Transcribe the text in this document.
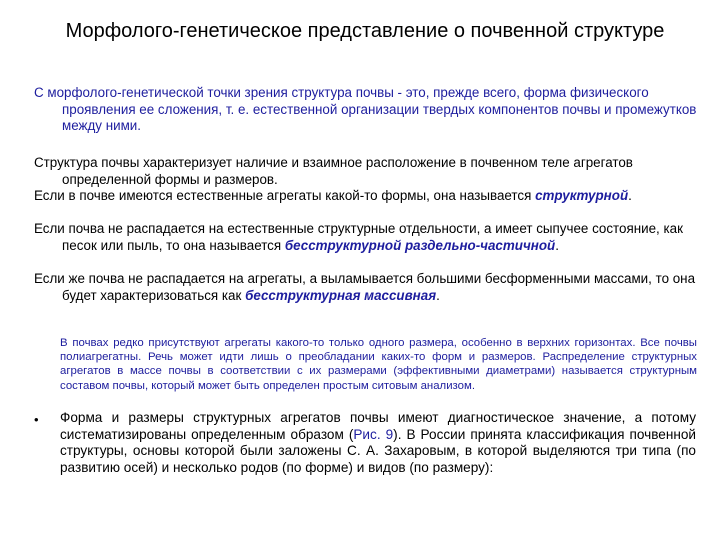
Морфолого-генетическое представление о почвенной структуре
С морфолого-генетической точки зрения структура почвы - это, прежде всего, форма физического проявления ее сложения, т. е. естественной организации твердых компонентов почвы и промежутков между ними.
Структура почвы характеризует наличие и взаимное расположение в почвенном теле агрегатов определенной формы и размеров.
Если в почве имеются естественные агрегаты какой-то формы, она называется структурной.
Если почва не распадается на естественные структурные отдельности, а имеет сыпучее состояние, как песок или пыль, то она называется бесструктурной раздельно-частичной.
Если же почва не распадается на агрегаты, а выламывается большими бесформенными массами, то она будет характеризоваться как бесструктурная массивная.
В почвах редко присутствуют агрегаты какого-то только одного размера, особенно в верхних горизонтах. Все почвы полиагрегатны. Речь может идти лишь о преобладании каких-то форм и размеров. Распределение структурных агрегатов в массе почвы в соответствии с их размерами (эффективными диаметрами) называется структурным составом почвы, который может быть определен простым ситовым анализом.
• Форма и размеры структурных агрегатов почвы имеют диагностическое значение, а потому систематизированы определенным образом (Рис. 9). В России принята классификация почвенной структуры, основы которой были заложены С. А. Захаровым, в которой выделяются три типа (по развитию осей) и несколько родов (по форме) и видов (по размеру):
